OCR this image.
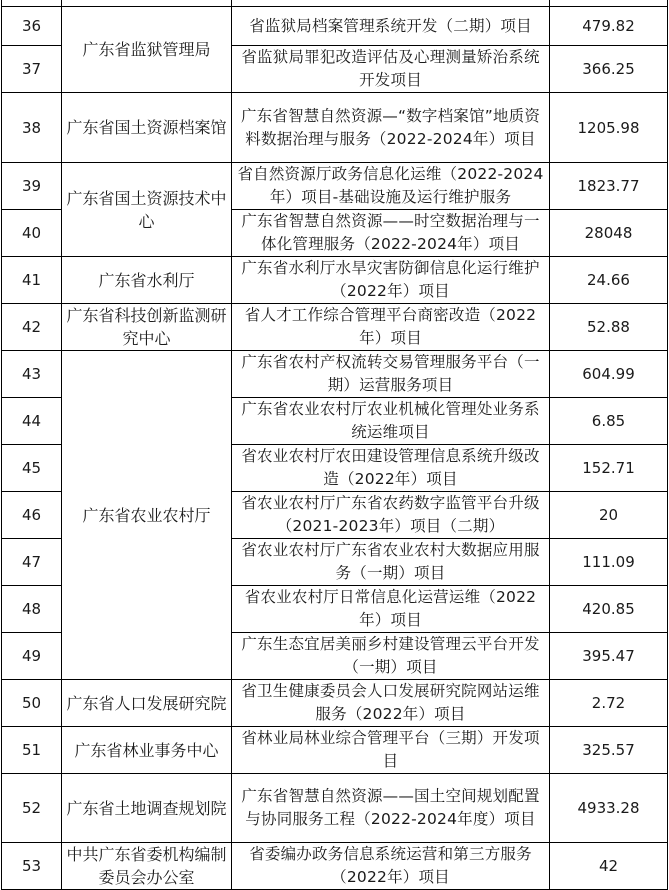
36	广东省监狱管理局	省监狱局档案管理系统开发（二期）项目	479.82
37		省监狱局罪犯改造评估及心理测量矫治系统开发项目	366.25
38	广东省国土资源档案馆	广东省智慧自然资源—“数字档案馆”地质资料数据治理与服务（2022-2024年）项目	1205.98
39	广东省国土资源技术中心	省自然资源厅政务信息化运维（2022-2024年）项目-基础设施及运行维护服务	1823.77
40		广东省智慧自然资源——时空数据治理与一体化管理服务（2022-2024年）项目	28048
41	广东省水利厅	广东省水利厅水旱灾害防御信息化运行维护（2022年）项目	24.66
42	广东省科技创新监测研究中心	省人才工作综合管理平台商密改造（2022年）项目	52.88
43	广东省农业农村厅	广东省农村产权流转交易管理服务平台（一期）运营服务项目	604.99
44		广东省农业农村厅农业机械化管理处业务系统运维项目	6.85
45		省农业农村厅农田建设管理信息系统升级改造（2022年）项目	152.71
46		省农业农村厅广东省农药数字监管平台升级（2021-2023年）项目（二期）	20
47		省农业农村厅广东省农业农村大数据应用服务（一期）项目	111.09
48		省农业农村厅日常信息化运营运维（2022年）项目	420.85
49		广东生态宜居美丽乡村建设管理云平台开发（一期）项目	395.47
50	广东省人口发展研究院	省卫生健康委员会人口发展研究院网站运维服务（2022年）项目	2.72
51	广东省林业事务中心	省林业局林业综合管理平台（三期）开发项目	325.57
52	广东省土地调查规划院	广东省智慧自然资源——国土空间规划配置与协同服务工程（2022-2024年度）项目	4933.28
53	中共广东省委机构编制委员会办公室	省委编办政务信息系统运营和第三方服务（2022年）项目	42
